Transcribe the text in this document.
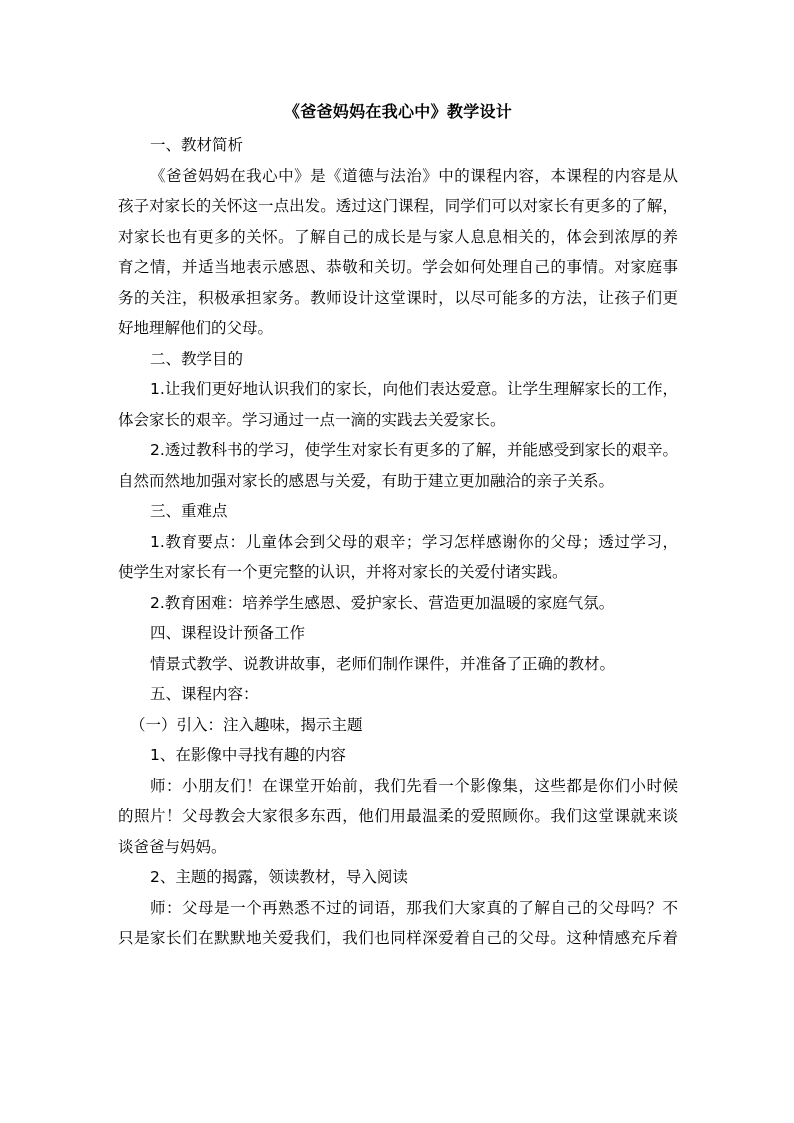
《爸爸妈妈在我心中》教学设计

一、教材简析

《爸爸妈妈在我心中》是《道德与法治》中的课程内容，本课程的内容是从

孩子对家长的关怀这一点出发。透过这门课程，同学们可以对家长有更多的了解，

对家长也有更多的关怀。了解自己的成长是与家人息息相关的，体会到浓厚的养

育之情，并适当地表示感恩、恭敬和关切。学会如何处理自己的事情。对家庭事

务的关注，积极承担家务。教师设计这堂课时，以尽可能多的方法，让孩子们更

好地理解他们的父母。

二、教学目的

1.让我们更好地认识我们的家长，向他们表达爱意。让学生理解家长的工作，

体会家长的艰辛。学习通过一点一滴的实践去关爱家长。

2.透过教科书的学习，使学生对家长有更多的了解，并能感受到家长的艰辛。

自然而然地加强对家长的感恩与关爱，有助于建立更加融洽的亲子关系。

三、重难点

1.教育要点：儿童体会到父母的艰辛；学习怎样感谢你的父母；透过学习，

使学生对家长有一个更完整的认识，并将对家长的关爱付诸实践。

2.教育困难：培养学生感恩、爱护家长、营造更加温暖的家庭气氛。

四、课程设计预备工作

情景式教学、说教讲故事，老师们制作课件，并准备了正确的教材。

五、课程内容：

（一）引入：注入趣味，揭示主题

1、在影像中寻找有趣的内容

师：小朋友们！在课堂开始前，我们先看一个影像集，这些都是你们小时候

的照片！父母教会大家很多东西，他们用最温柔的爱照顾你。我们这堂课就来谈

谈爸爸与妈妈。

2、主题的揭露，领读教材，导入阅读

师：父母是一个再熟悉不过的词语，那我们大家真的了解自己的父母吗？不

只是家长们在默默地关爱我们，我们也同样深爱着自己的父母。这种情感充斥着
